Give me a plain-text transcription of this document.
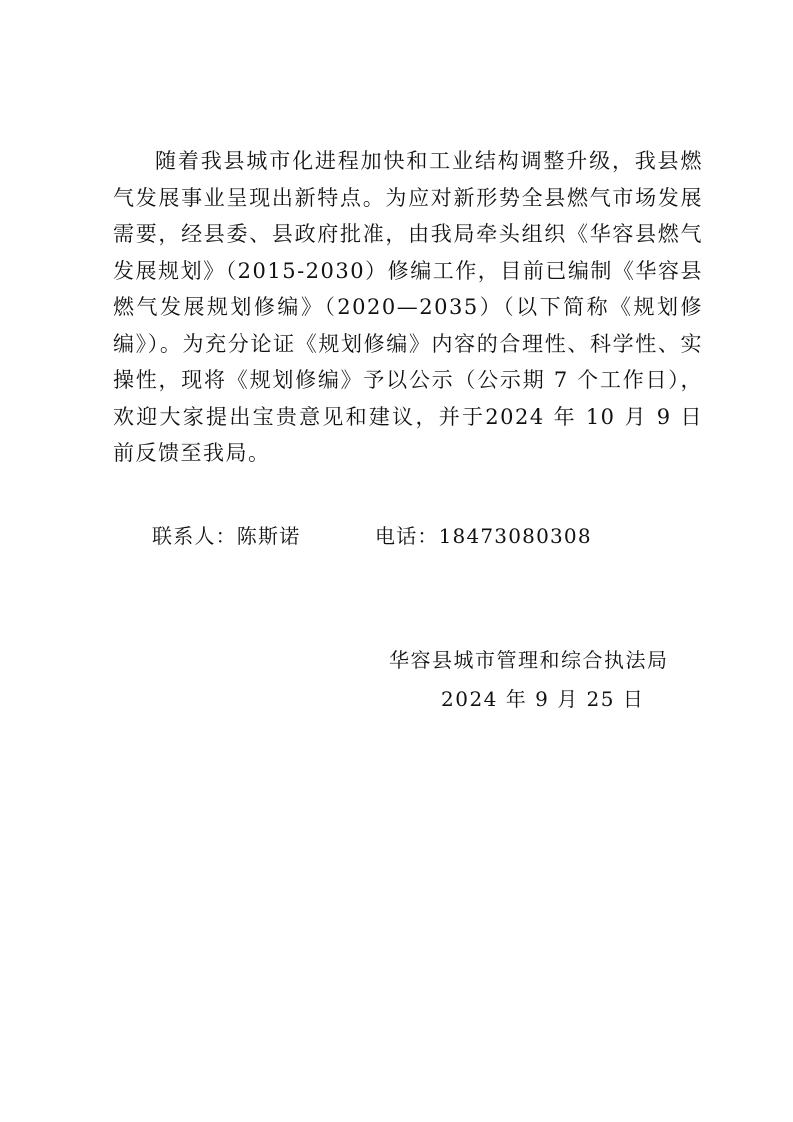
随着我县城市化进程加快和工业结构调整升级，我县燃气发展事业呈现出新特点。为应对新形势全县燃气市场发展需要，经县委、县政府批准，由我局牵头组织《华容县燃气发展规划》（2015-2030）修编工作，目前已编制《华容县燃气发展规划修编》（2020—2035）（以下简称《规划修编》）。为充分论证《规划修编》内容的合理性、科学性、实操性，现将《规划修编》予以公示（公示期 7 个工作日），欢迎大家提出宝贵意见和建议，并于2024 年 10 月 9 日前反馈至我局。

联系人：陈斯诺	电话：18473080308
华容县城市管理和综合执法局
2024 年 9 月 25 日
